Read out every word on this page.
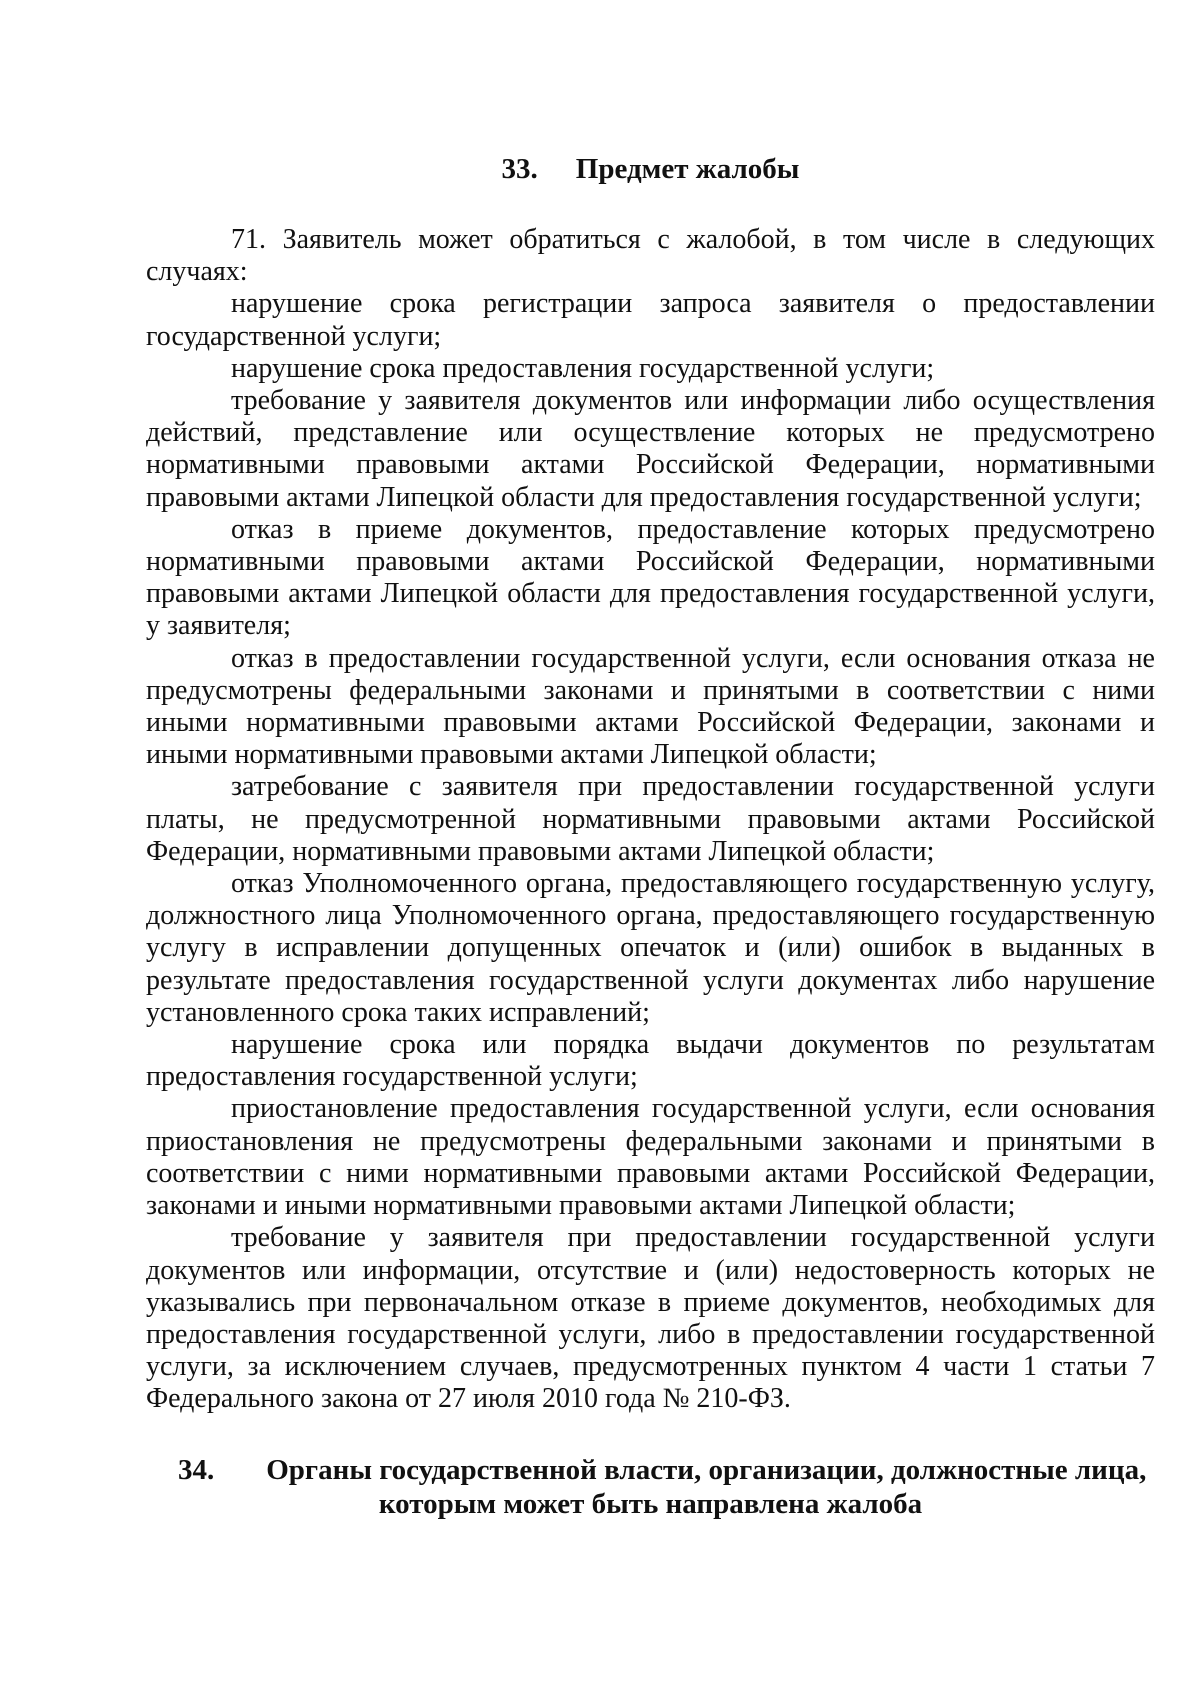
33. Предмет жалобы

71. Заявитель может обратиться с жалобой, в том числе в следующих случаях:

нарушение срока регистрации запроса заявителя о предоставлении государственной услуги;

нарушение срока предоставления государственной услуги;

требование у заявителя документов или информации либо осуществления действий, представление или осуществление которых не предусмотрено нормативными правовыми актами Российской Федерации, нормативными правовыми актами Липецкой области для предоставления государственной услуги;

отказ в приеме документов, предоставление которых предусмотрено нормативными правовыми актами Российской Федерации, нормативными правовыми актами Липецкой области для предоставления государственной услуги, у заявителя;

отказ в предоставлении государственной услуги, если основания отказа не предусмотрены федеральными законами и принятыми в соответствии с ними иными нормативными правовыми актами Российской Федерации, законами и иными нормативными правовыми актами Липецкой области;

затребование с заявителя при предоставлении государственной услуги платы, не предусмотренной нормативными правовыми актами Российской Федерации, нормативными правовыми актами Липецкой области;

отказ Уполномоченного органа, предоставляющего государственную услугу, должностного лица Уполномоченного органа, предоставляющего государственную услугу в исправлении допущенных опечаток и (или) ошибок в выданных в результате предоставления государственной услуги документах либо нарушение установленного срока таких исправлений;

нарушение срока или порядка выдачи документов по результатам предоставления государственной услуги;

приостановление предоставления государственной услуги, если основания приостановления не предусмотрены федеральными законами и принятыми в соответствии с ними нормативными правовыми актами Российской Федерации, законами и иными нормативными правовыми актами Липецкой области;

требование у заявителя при предоставлении государственной услуги документов или информации, отсутствие и (или) недостоверность которых не указывались при первоначальном отказе в приеме документов, необходимых для предоставления государственной услуги, либо в предоставлении государственной услуги, за исключением случаев, предусмотренных пунктом 4 части 1 статьи 7 Федерального закона от 27 июля 2010 года № 210-ФЗ.

34. Органы государственной власти, организации, должностные лица,
которым может быть направлена жалоба
